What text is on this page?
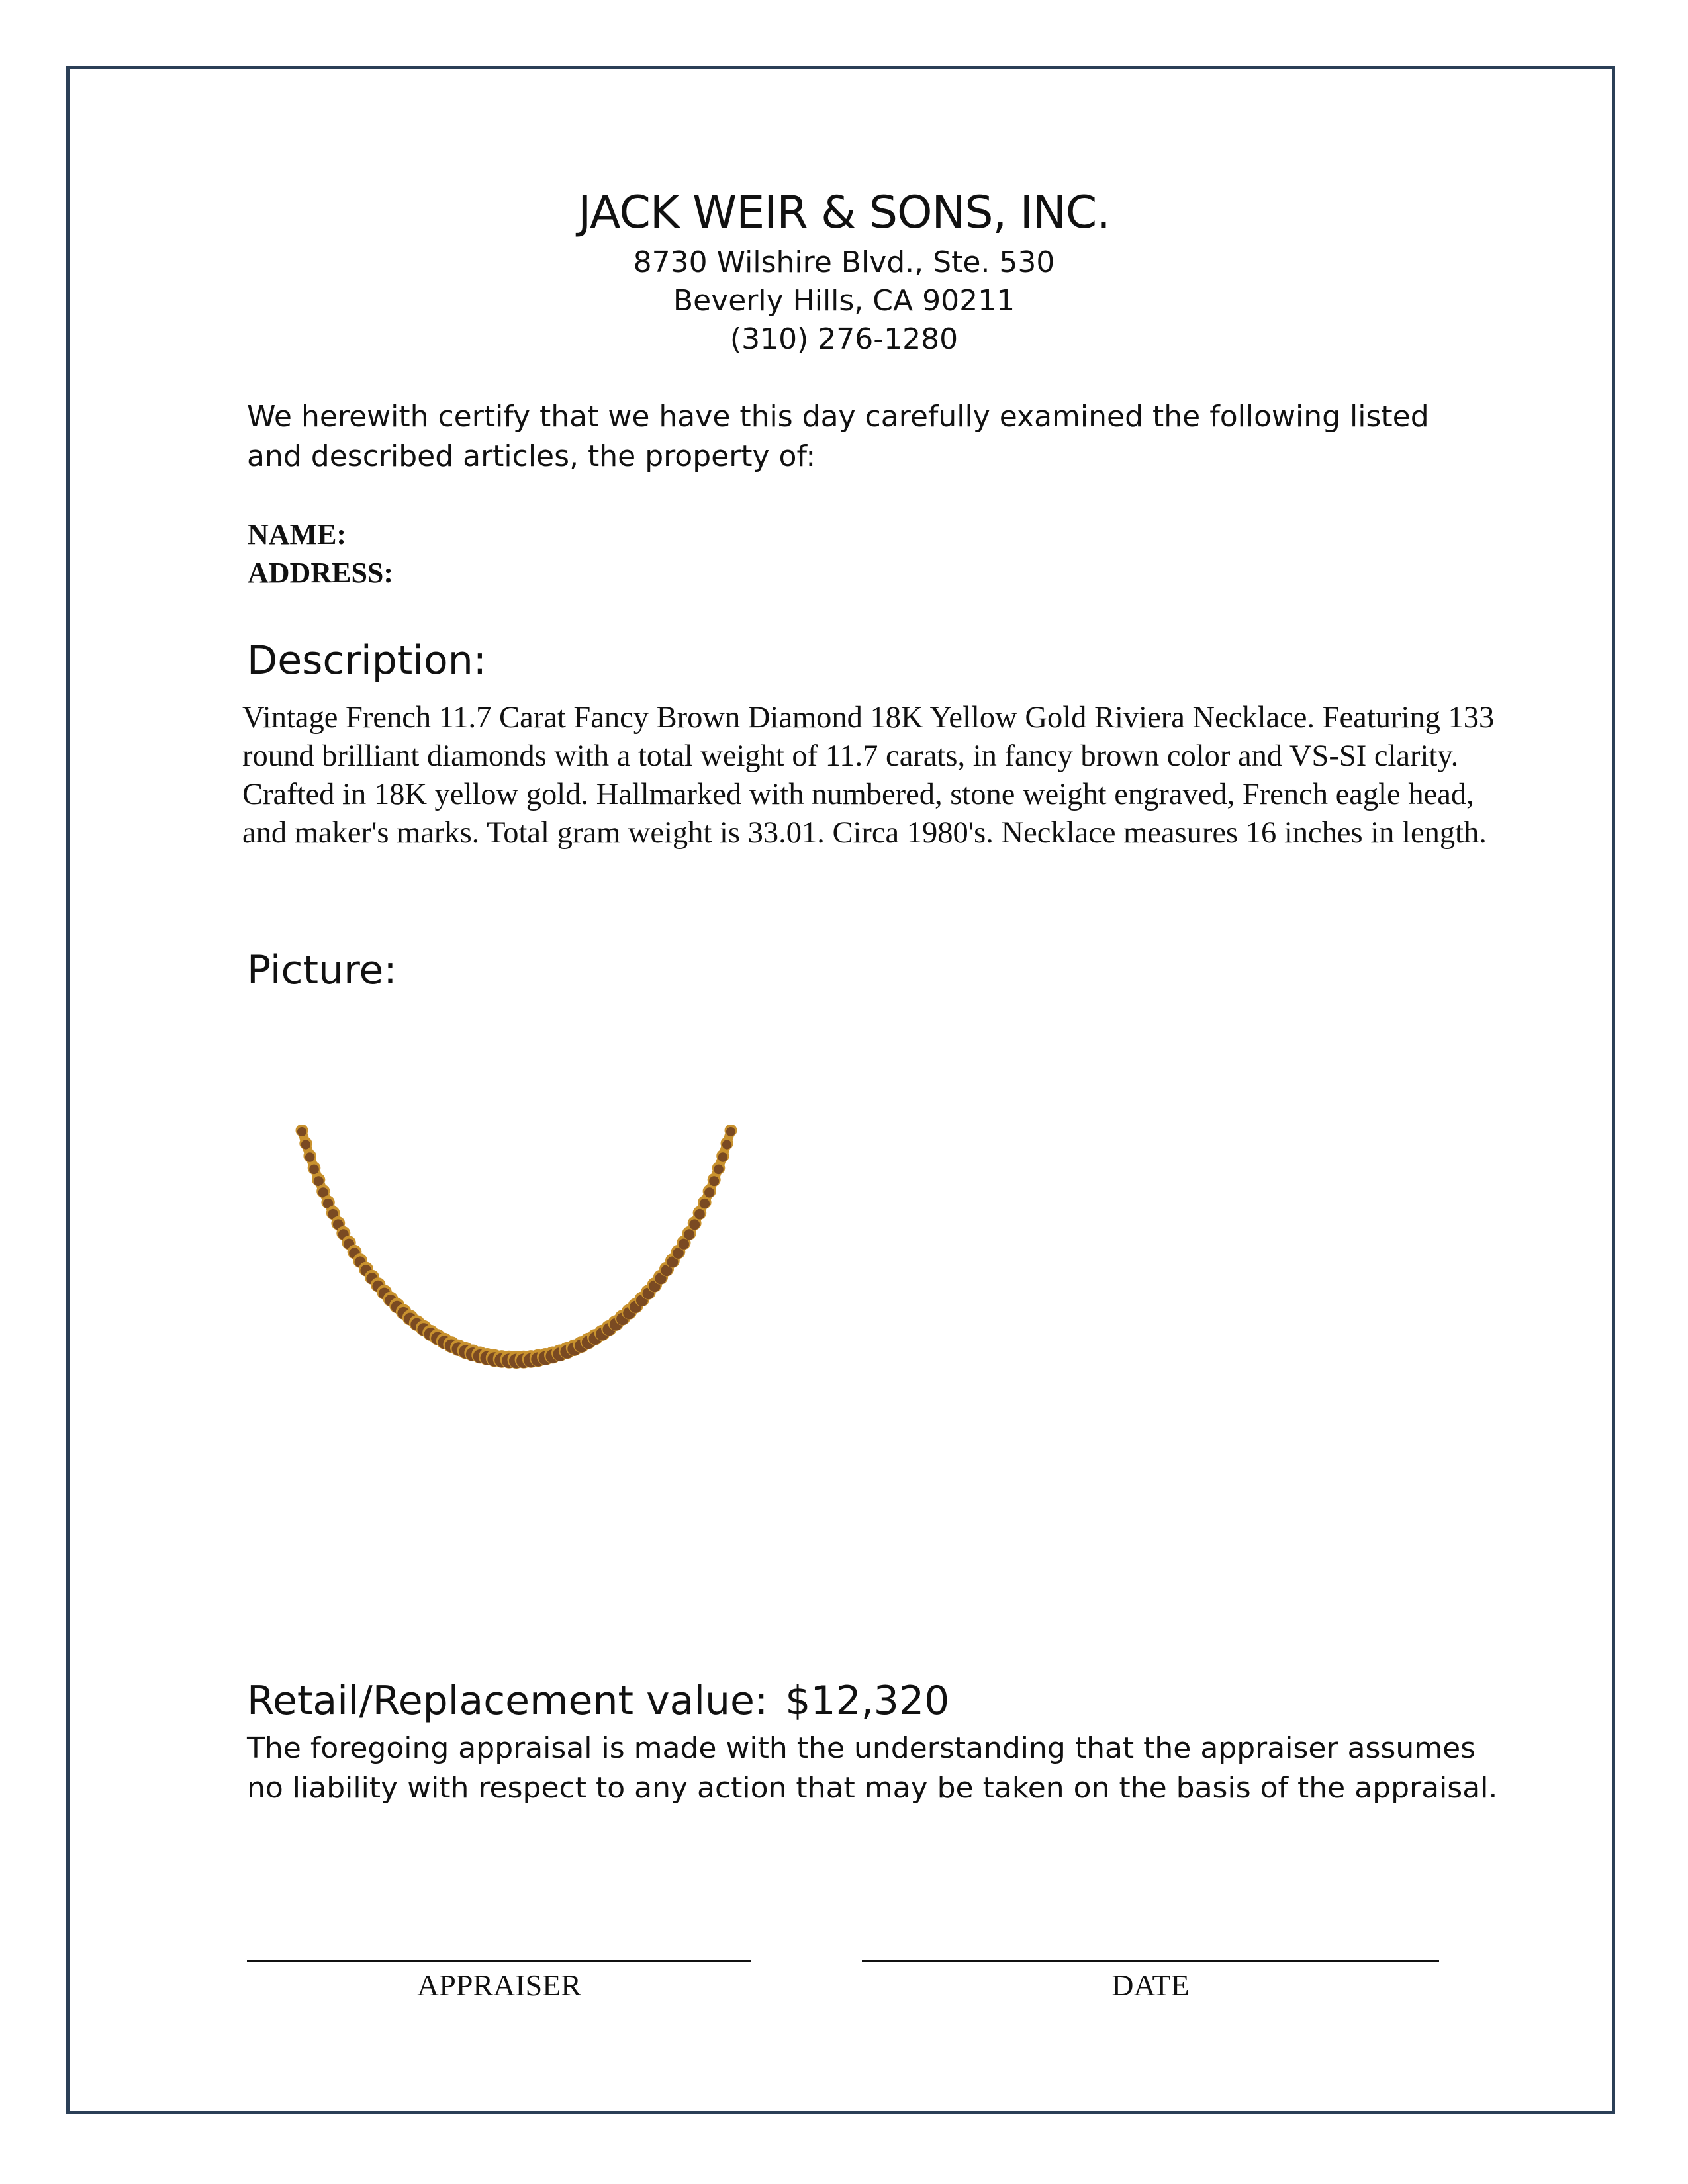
JACK WEIR & SONS, INC.
8730 Wilshire Blvd., Ste. 530
Beverly Hills, CA 90211
(310) 276-1280
We herewith certify that we have this day carefully examined the following listed and described articles, the property of:
NAME:
ADDRESS:
Description:
Vintage French 11.7 Carat Fancy Brown Diamond 18K Yellow Gold Riviera Necklace. Featuring 133 round brilliant diamonds with a total weight of 11.7 carats, in fancy brown color and VS-SI clarity. Crafted in 18K yellow gold. Hallmarked with numbered, stone weight engraved, French eagle head, and maker's marks. Total gram weight is 33.01. Circa 1980's. Necklace measures 16 inches in length.
Picture:
Retail/Replacement value: $12,320
The foregoing appraisal is made with the understanding that the appraiser assumes no liability with respect to any action that may be taken on the basis of the appraisal.
APPRAISER	DATE
